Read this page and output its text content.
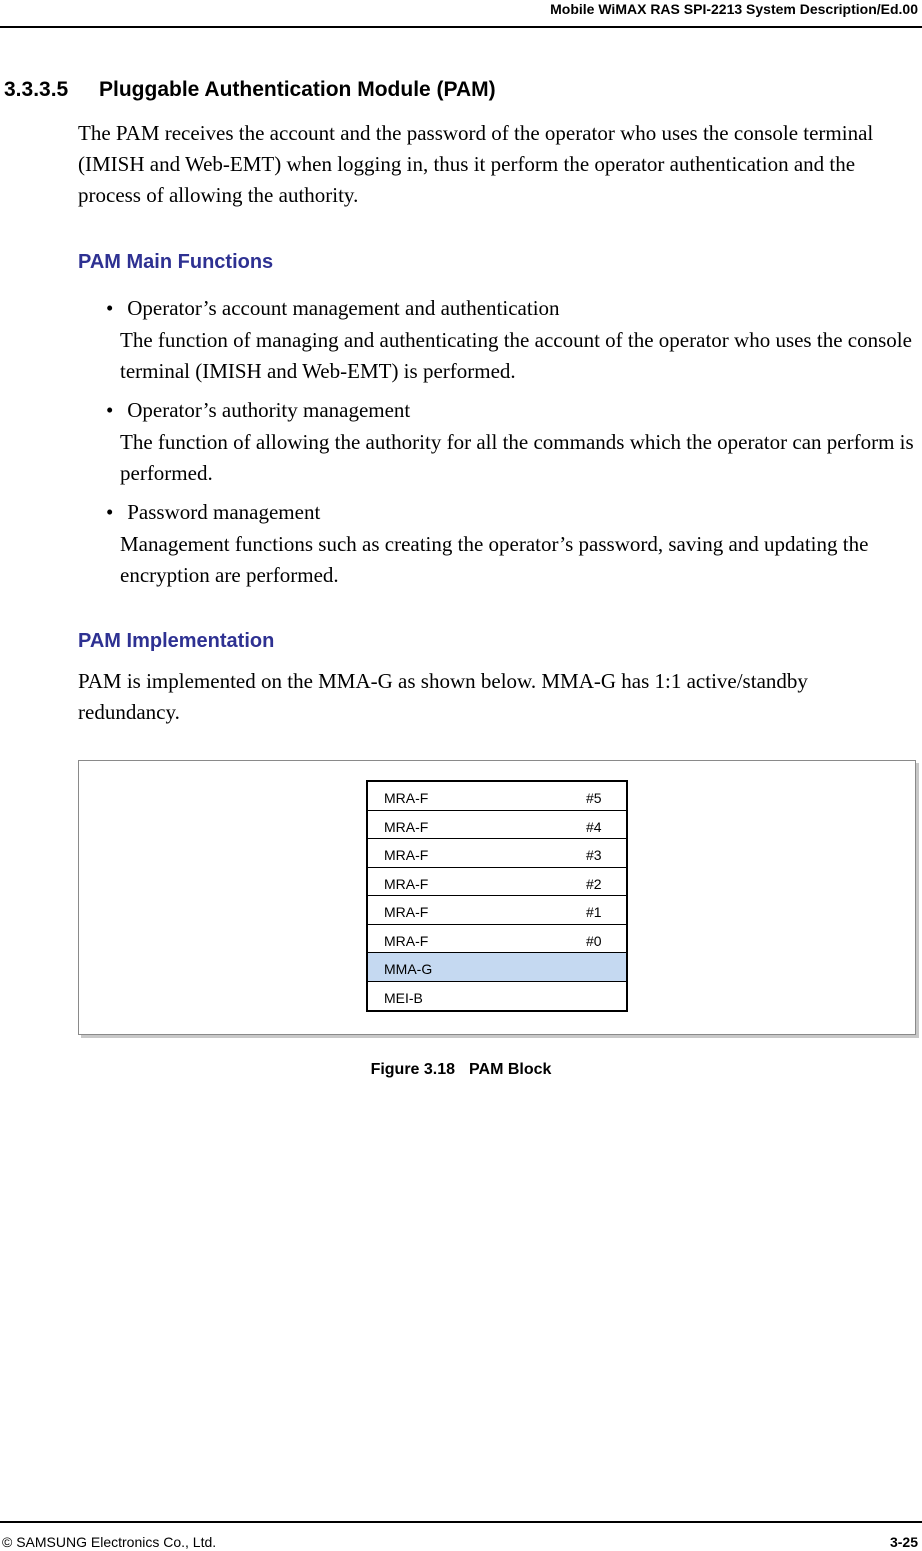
Mobile WiMAX RAS SPI-2213 System Description/Ed.00
3.3.3.5 Pluggable Authentication Module (PAM)
The PAM receives the account and the password of the operator who uses the console terminal (IMISH and Web-EMT) when logging in, thus it perform the operator authentication and the process of allowing the authority.
PAM Main Functions
• Operator’s account management and authentication
The function of managing and authenticating the account of the operator who uses the console terminal (IMISH and Web-EMT) is performed.
• Operator’s authority management
The function of allowing the authority for all the commands which the operator can perform is performed.
• Password management
Management functions such as creating the operator’s password, saving and updating the encryption are performed.
PAM Implementation
PAM is implemented on the MMA-G as shown below. MMA-G has 1:1 active/standby redundancy.
MRA-F	#5
MRA-F	#4
MRA-F	#3
MRA-F	#2
MRA-F	#1
MRA-F	#0
MMA-G
MEI-B
Figure 3.18 PAM Block
© SAMSUNG Electronics Co., Ltd.	3-25
